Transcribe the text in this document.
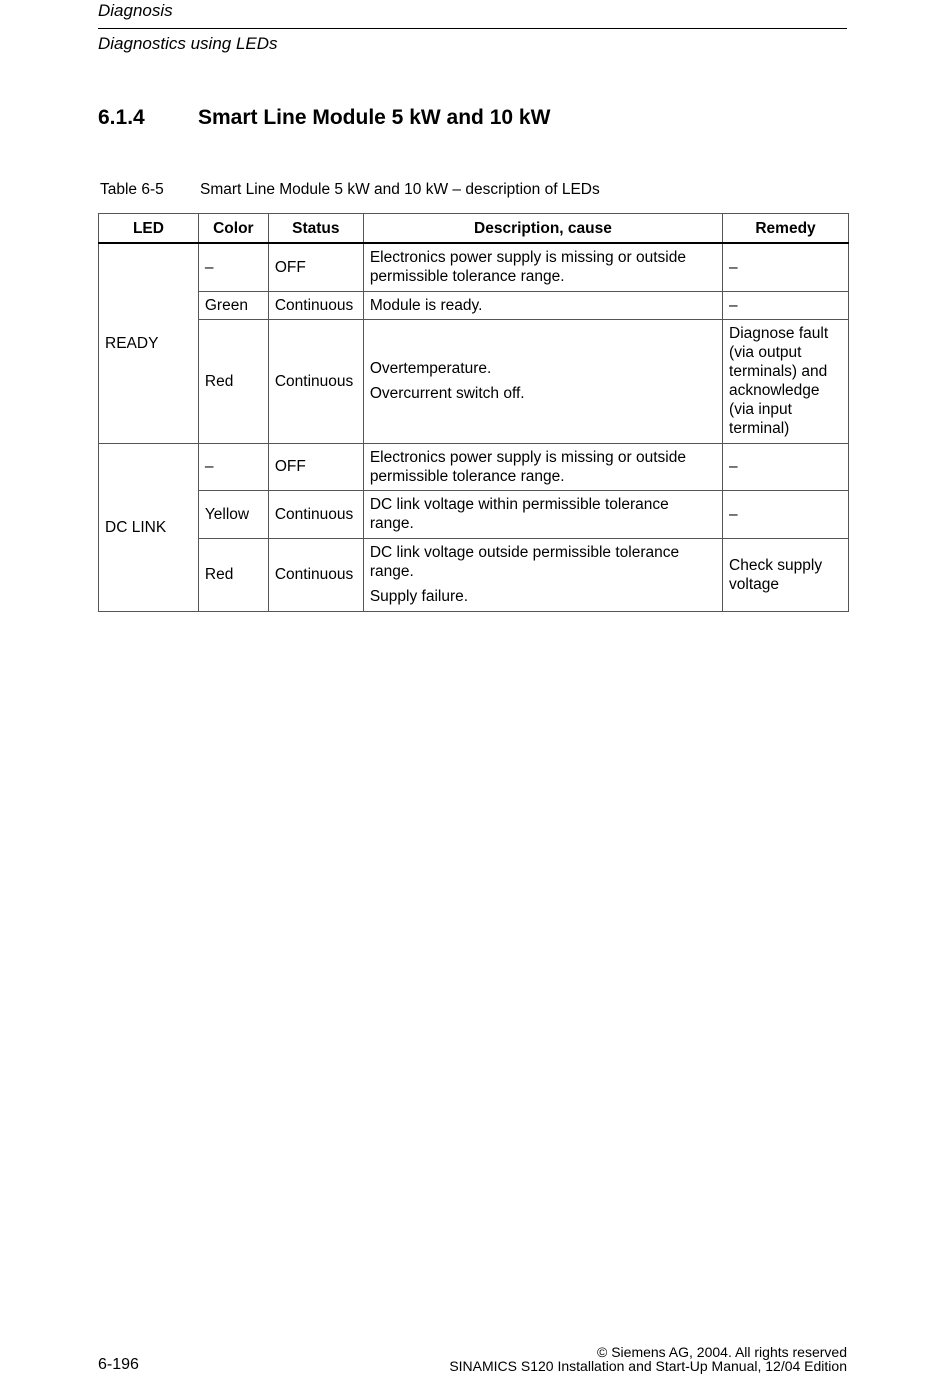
Diagnosis
Diagnostics using LEDs
6.1.4	Smart Line Module 5 kW and 10 kW
Table 6-5 Smart Line Module 5 kW and 10 kW – description of LEDs
LED	Color	Status	Description, cause	Remedy
READY	–	OFF	Electronics power supply is missing or outside permissible tolerance range.	–
	Green	Continuous	Module is ready.	–
	Red	Continuous	Overtemperature.
Overcurrent switch off.	Diagnose fault (via output terminals) and acknowledge (via input terminal)
DC LINK	–	OFF	Electronics power supply is missing or outside permissible tolerance range.	–
	Yellow	Continuous	DC link voltage within permissible tolerance range.	–
	Red	Continuous	DC link voltage outside permissible tolerance range.
Supply failure.	Check supply voltage
6-196
© Siemens AG, 2004. All rights reserved
SINAMICS S120 Installation and Start-Up Manual, 12/04 Edition
